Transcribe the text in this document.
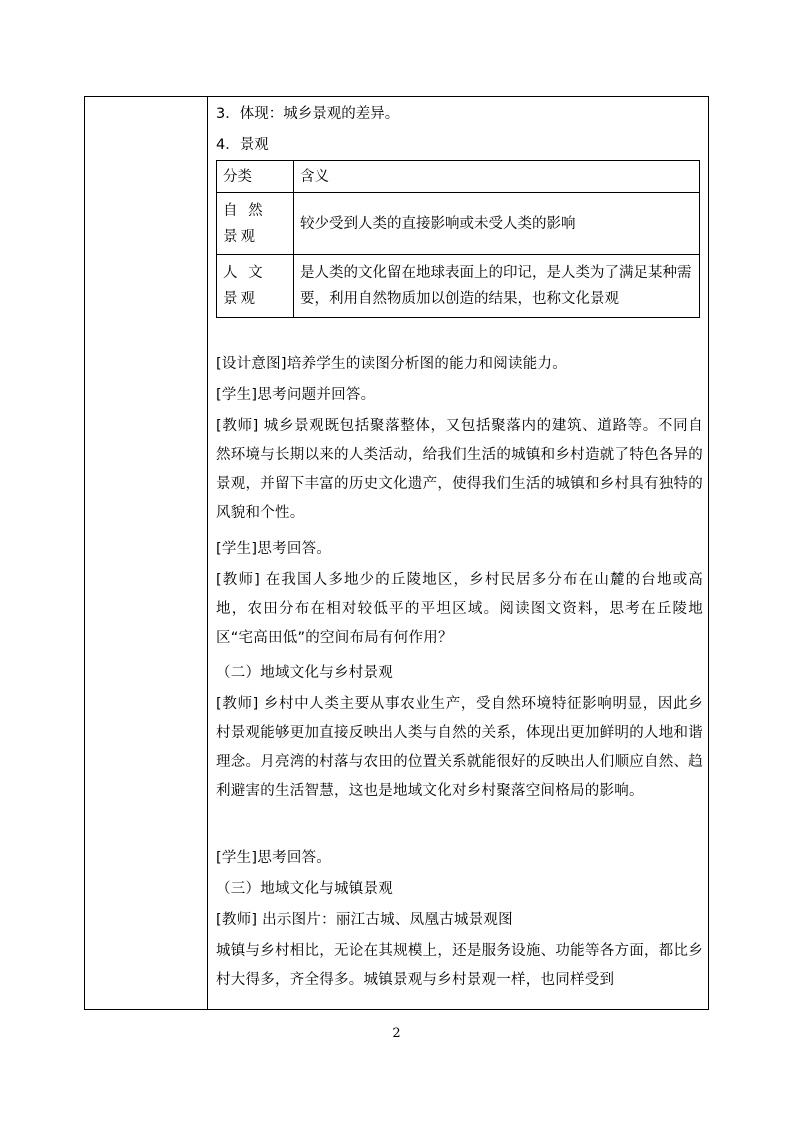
3．体现：城乡景观的差异。
4．景观
分类	含义
自 然 景观	较少受到人类的直接影响或未受人类的影响
人 文 景观	是人类的文化留在地球表面上的印记，是人类为了满足某种需要，利用自然物质加以创造的结果，也称文化景观
[设计意图]培养学生的读图分析图的能力和阅读能力。
[学生]思考问题并回答。
[教师] 城乡景观既包括聚落整体，又包括聚落内的建筑、道路等。不同自然环境与长期以来的人类活动，给我们生活的城镇和乡村造就了特色各异的景观，并留下丰富的历史文化遗产，使得我们生活的城镇和乡村具有独特的风貌和个性。
[学生]思考回答。
[教师] 在我国人多地少的丘陵地区，乡村民居多分布在山麓的台地或高地，农田分布在相对较低平的平坦区域。阅读图文资料，思考在丘陵地区“宅高田低”的空间布局有何作用？
（二）地域文化与乡村景观
[教师] 乡村中人类主要从事农业生产，受自然环境特征影响明显，因此乡村景观能够更加直接反映出人类与自然的关系，体现出更加鲜明的人地和谐理念。月亮湾的村落与农田的位置关系就能很好的反映出人们顺应自然、趋利避害的生活智慧，这也是地域文化对乡村聚落空间格局的影响。
[学生]思考回答。
（三）地域文化与城镇景观
[教师] 出示图片：丽江古城、凤凰古城景观图
城镇与乡村相比，无论在其规模上，还是服务设施、功能等各方面，都比乡村大得多，齐全得多。城镇景观与乡村景观一样，也同样受到
2
